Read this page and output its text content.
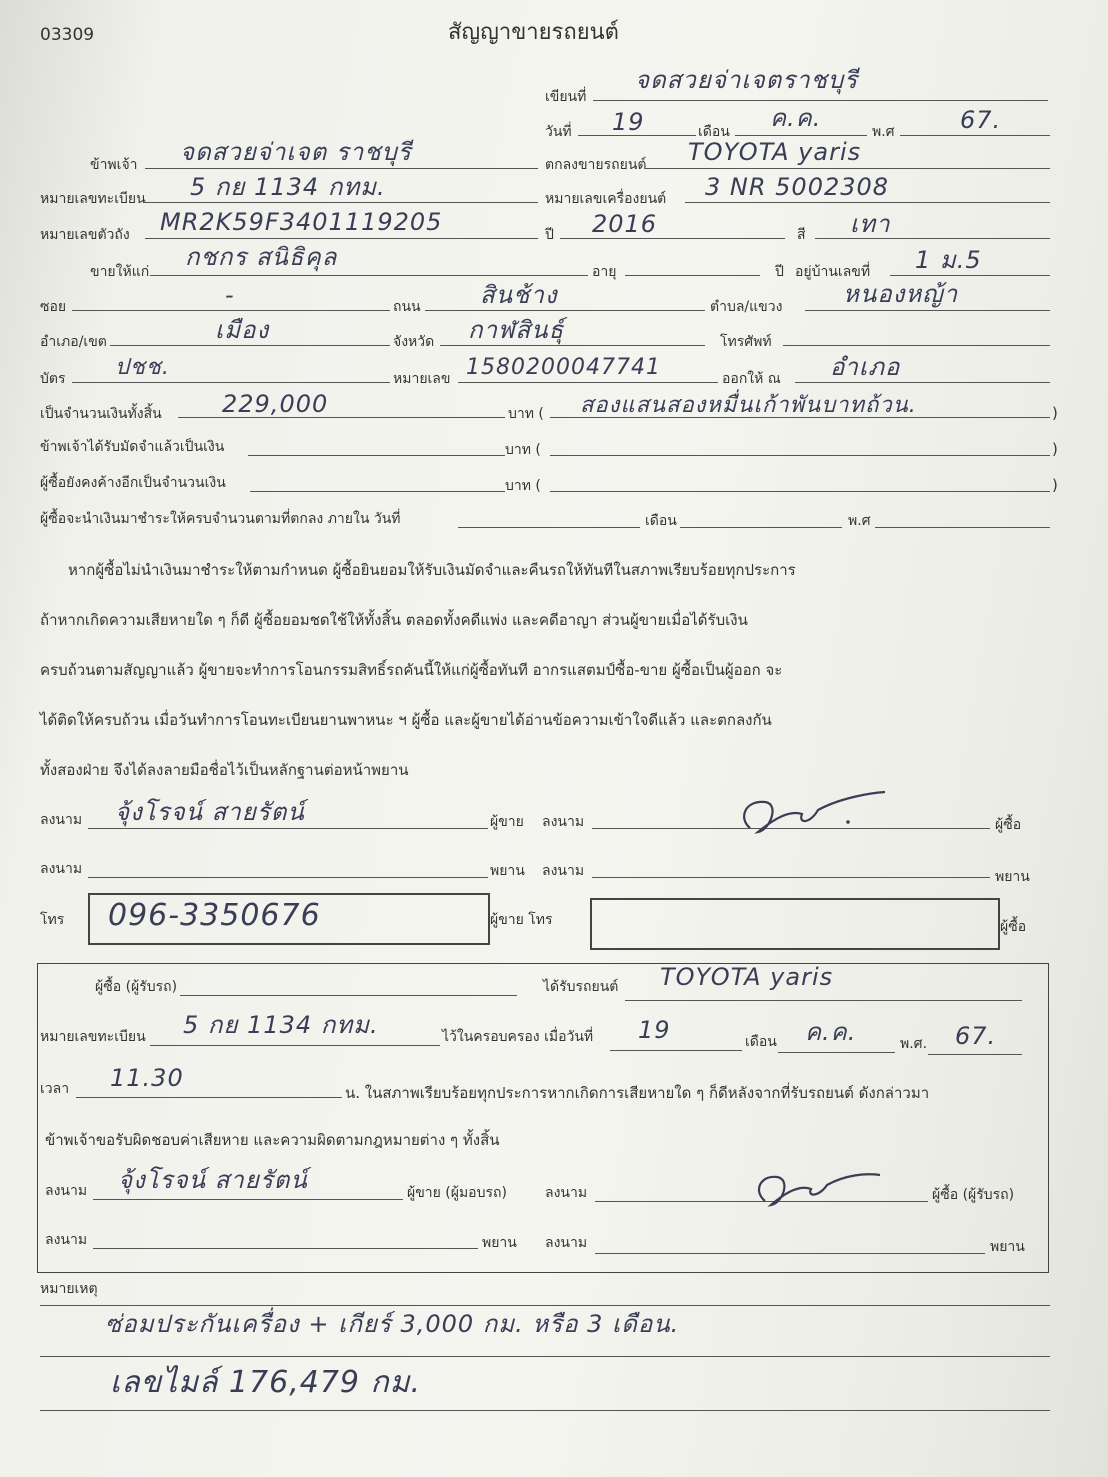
03309	สัญญาขายรถยนต์
เขียนที่
จดสวยจ่าเจตราชบุรี
วันที่ 19	เดือน ค.ค.	พ.ศ	67.
ข้าพเจ้า จดสวยจ่าเจต ราชบุรี	ตกลงขายรถยนต์ TOYOTA yaris
หมายเลขทะเบียน 5 กย 1134 กทม.	หมายเลขเครื่องยนต์ 3 NR 5002308
หมายเลขตัวถัง MR2K59F3401119205	ปี 2016	สี เทา
ขายให้แก่
กชกร สนิธิคุล
อายุ	ปี อยู่บ้านเลขที่ 1 ม.5
ซอย	-	ถนน สินช้าง	ตำบล/แขวง	หนองหญ้า
อำเภอ/เขต	เมือง	จังหวัด กาฬสินธุ์	โทรศัพท์
บัตร ปชช.	หมายเลข 1580200047741	ออกให้ ณ อำเภอ
เป็นจำนวนเงินทั้งสิ้น	229,000	บาท ( สองแสนสองหมื่นเก้าพันบาทถ้วน.	)
ข้าพเจ้าได้รับมัดจำแล้วเป็นเงิน	บาท (	)
ผู้ซื้อยังคงค้างอีกเป็นจำนวนเงิน	บาท (	)
ผู้ซื้อจะนำเงินมาชำระให้ครบจำนวนตามที่ตกลง ภายใน วันที่	เดือน	พ.ศ
หากผู้ซื้อไม่นำเงินมาชำระให้ตามกำหนด ผู้ซื้อยินยอมให้รับเงินมัดจำและคืนรถให้ทันทีในสภาพเรียบร้อยทุกประการ
ถ้าหากเกิดความเสียหายใด ๆ ก็ดี ผู้ซื้อยอมชดใช้ให้ทั้งสิ้น ตลอดทั้งคดีแพ่ง และคดีอาญา ส่วนผู้ขายเมื่อได้รับเงิน
ครบถ้วนตามสัญญาแล้ว ผู้ขายจะทำการโอนกรรมสิทธิ์รถคันนี้ให้แก่ผู้ซื้อทันที อากรแสตมป์ซื้อ-ขาย ผู้ซื้อเป็นผู้ออก จะ
ได้ติดให้ครบถ้วน เมื่อวันทำการโอนทะเบียนยานพาหนะ ฯ ผู้ซื้อ และผู้ขายได้อ่านข้อความเข้าใจดีแล้ว และตกลงกัน
ทั้งสองฝ่าย จึงได้ลงลายมือชื่อไว้เป็นหลักฐานต่อหน้าพยาน
ลงนาม จุ้งโรจน์ สายรัตน์	ผู้ขาย ลงนาม	ผู้ซื้อ
ลงนาม	พยาน ลงนาม	พยาน
โทร 096-3350676	ผู้ขาย โทร	ผู้ซื้อ
ผู้ซื้อ (ผู้รับรถ)	ได้รับรถยนต์ TOYOTA yaris
หมายเลขทะเบียน 5 กย 1134 กทม.	ไว้ในครอบครอง เมื่อวันที่ 19	เดือน ค.ค.	พ.ศ. 67.
เวลา 11.30
น. ในสภาพเรียบร้อยทุกประการหากเกิดการเสียหายใด ๆ ก็ดีหลังจากที่รับรถยนต์ ดังกล่าวมา
ข้าพเจ้าขอรับผิดชอบค่าเสียหาย และความผิดตามกฎหมายต่าง ๆ ทั้งสิ้น
ลงนาม จุ้งโรจน์ สายรัตน์	ผู้ขาย (ผู้มอบรถ)	ลงนาม	ผู้ซื้อ (ผู้รับรถ)
ลงนาม	พยาน ลงนาม	พยาน
หมายเหตุ
ซ่อมประกันเครื่อง + เกียร์ 3,000 กม. หรือ 3 เดือน.
เลขไมล์ 176,479 กม.
